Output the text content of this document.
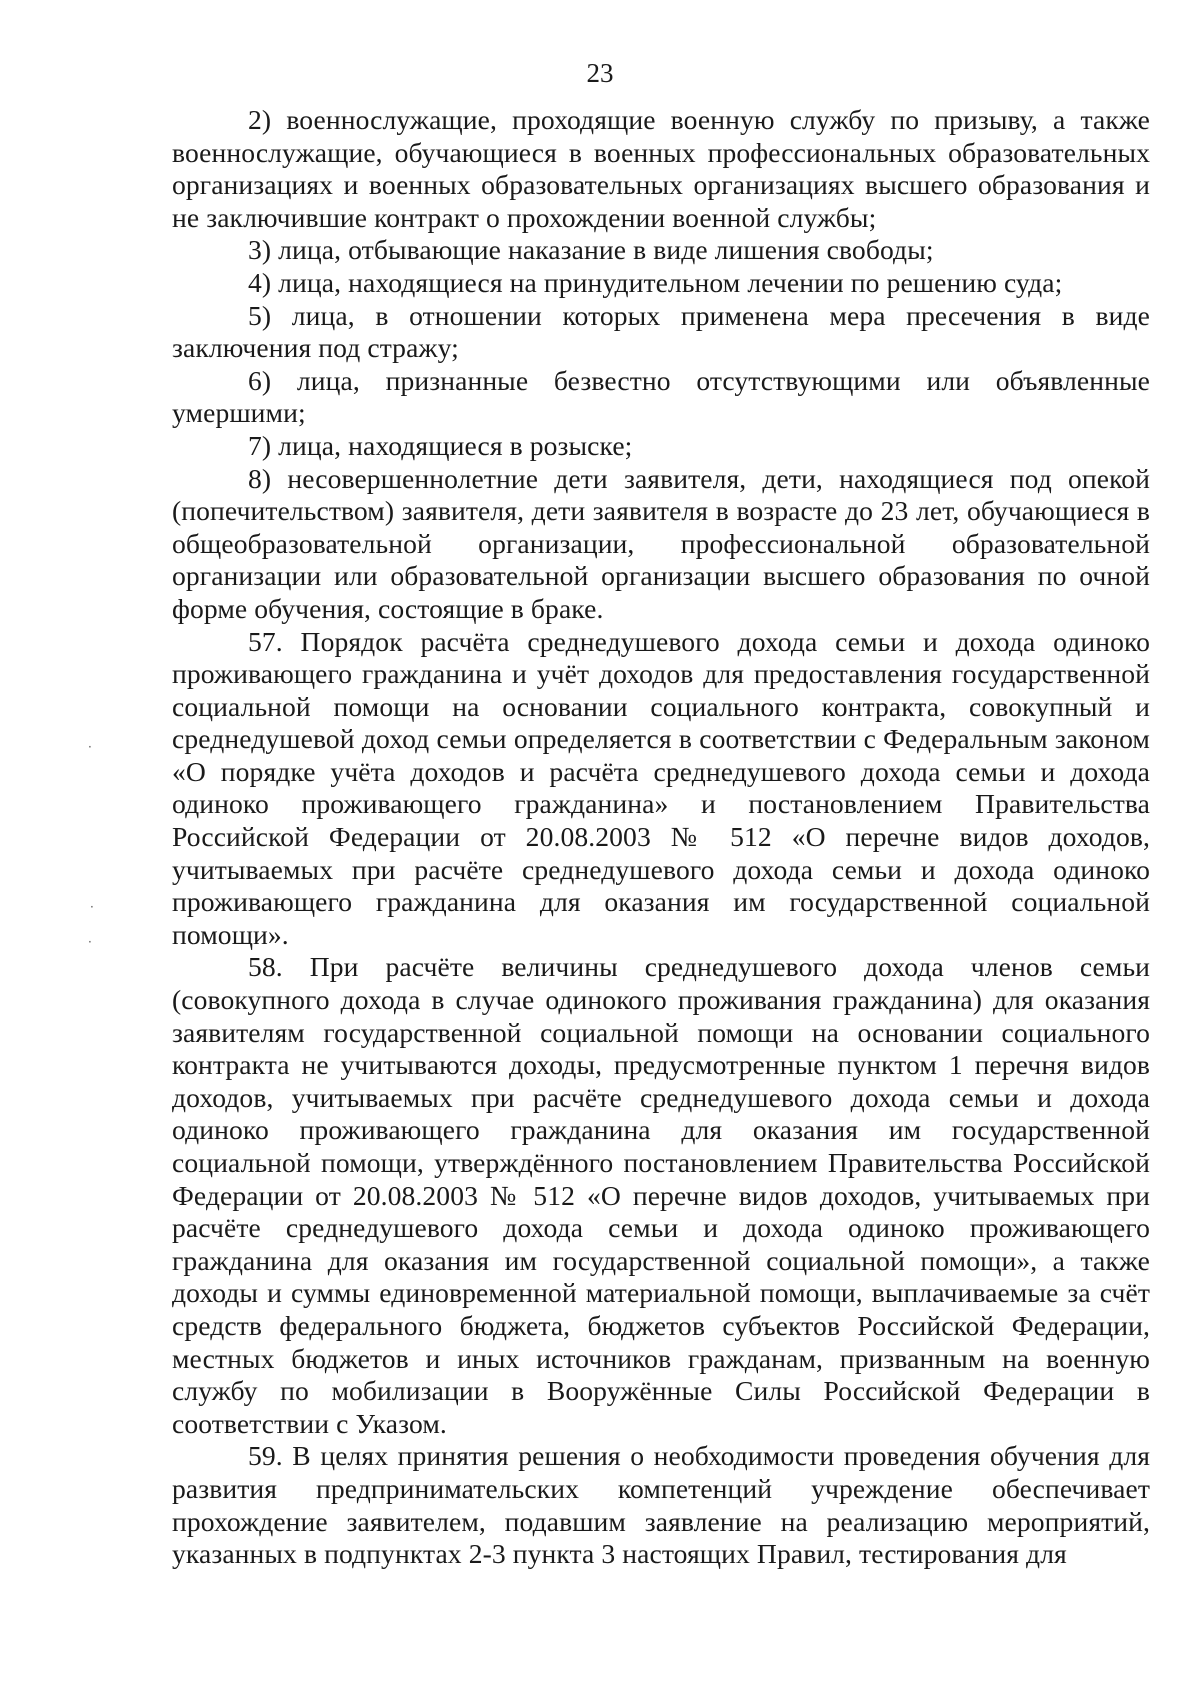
23

2) военнослужащие, проходящие военную службу по призыву, а также военнослужащие, обучающиеся в военных профессиональных образовательных организациях и военных образовательных организациях высшего образования и не заключившие контракт о прохождении военной службы;

3) лица, отбывающие наказание в виде лишения свободы;

4) лица, находящиеся на принудительном лечении по решению суда;

5) лица, в отношении которых применена мера пресечения в виде заключения под стражу;

6) лица, признанные безвестно отсутствующими или объявленные умершими;

7) лица, находящиеся в розыске;

8) несовершеннолетние дети заявителя, дети, находящиеся под опекой (попечительством) заявителя, дети заявителя в возрасте до 23 лет, обучающиеся в общеобразовательной организации, профессиональной образовательной организации или образовательной организации высшего образования по очной форме обучения, состоящие в браке.

57. Порядок расчёта среднедушевого дохода семьи и дохода одиноко проживающего гражданина и учёт доходов для предоставления государственной социальной помощи на основании социального контракта, совокупный и среднедушевой доход семьи определяется в соответствии с Федеральным законом «О порядке учёта доходов и расчёта среднедушевого дохода семьи и дохода одиноко проживающего гражданина» и постановлением Правительства Российской Федерации от 20.08.2003 № 512 «О перечне видов доходов, учитываемых при расчёте среднедушевого дохода семьи и дохода одиноко проживающего гражданина для оказания им государственной социальной помощи».

58. При расчёте величины среднедушевого дохода членов семьи (совокупного дохода в случае одинокого проживания гражданина) для оказания заявителям государственной социальной помощи на основании социального контракта не учитываются доходы, предусмотренные пунктом 1 перечня видов доходов, учитываемых при расчёте среднедушевого дохода семьи и дохода одиноко проживающего гражданина для оказания им государственной социальной помощи, утверждённого постановлением Правительства Российской Федерации от 20.08.2003 № 512 «О перечне видов доходов, учитываемых при расчёте среднедушевого дохода семьи и дохода одиноко проживающего гражданина для оказания им государственной социальной помощи», а также доходы и суммы единовременной материальной помощи, выплачиваемые за счёт средств федерального бюджета, бюджетов субъектов Российской Федерации, местных бюджетов и иных источников гражданам, призванным на военную службу по мобилизации в Вооружённые Силы Российской Федерации в соответствии с Указом.

59. В целях принятия решения о необходимости проведения обучения для развития предпринимательских компетенций учреждение обеспечивает прохождение заявителем, подавшим заявление на реализацию мероприятий, указанных в подпунктах 2-3 пункта 3 настоящих Правил, тестирования для

·
·
·
